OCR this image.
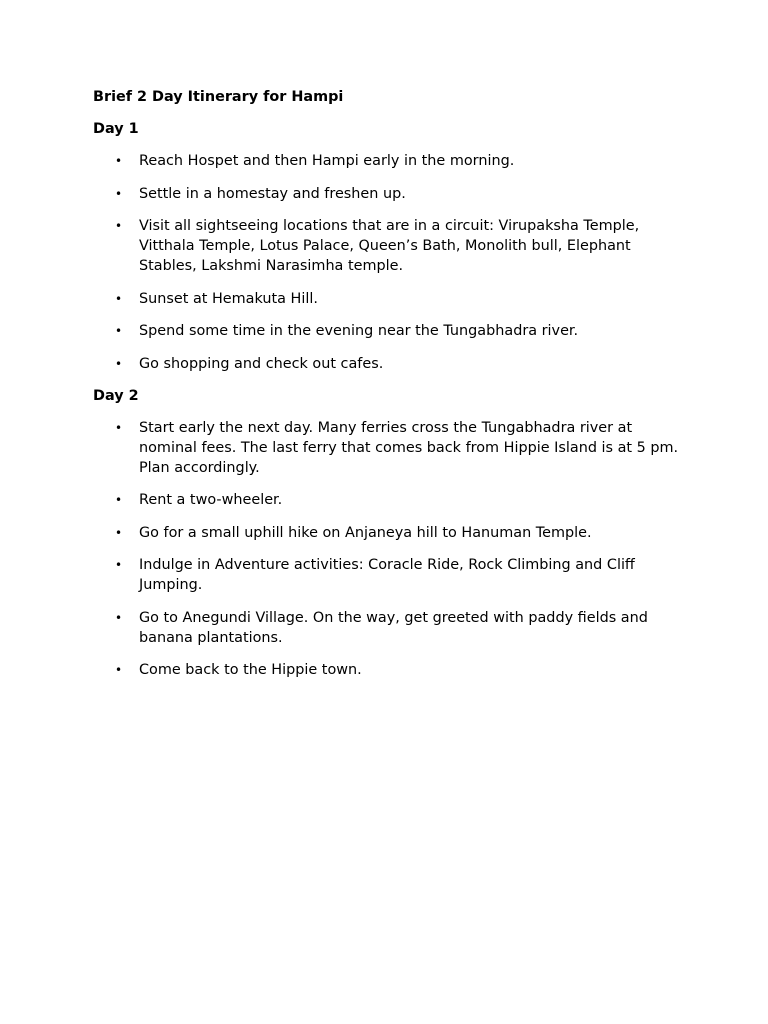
Brief 2 Day Itinerary for Hampi
Day 1
• Reach Hospet and then Hampi early in the morning.
• Settle in a homestay and freshen up.
• Visit all sightseeing locations that are in a circuit: Virupaksha Temple, Vitthala Temple, Lotus Palace, Queen’s Bath, Monolith bull, Elephant Stables, Lakshmi Narasimha temple.
• Sunset at Hemakuta Hill.
• Spend some time in the evening near the Tungabhadra river.
• Go shopping and check out cafes.
Day 2
• Start early the next day. Many ferries cross the Tungabhadra river at nominal fees. The last ferry that comes back from Hippie Island is at 5 pm. Plan accordingly.
• Rent a two-wheeler.
• Go for a small uphill hike on Anjaneya hill to Hanuman Temple.
• Indulge in Adventure activities: Coracle Ride, Rock Climbing and Cliff Jumping.
• Go to Anegundi Village. On the way, get greeted with paddy fields and banana plantations.
• Come back to the Hippie town.
